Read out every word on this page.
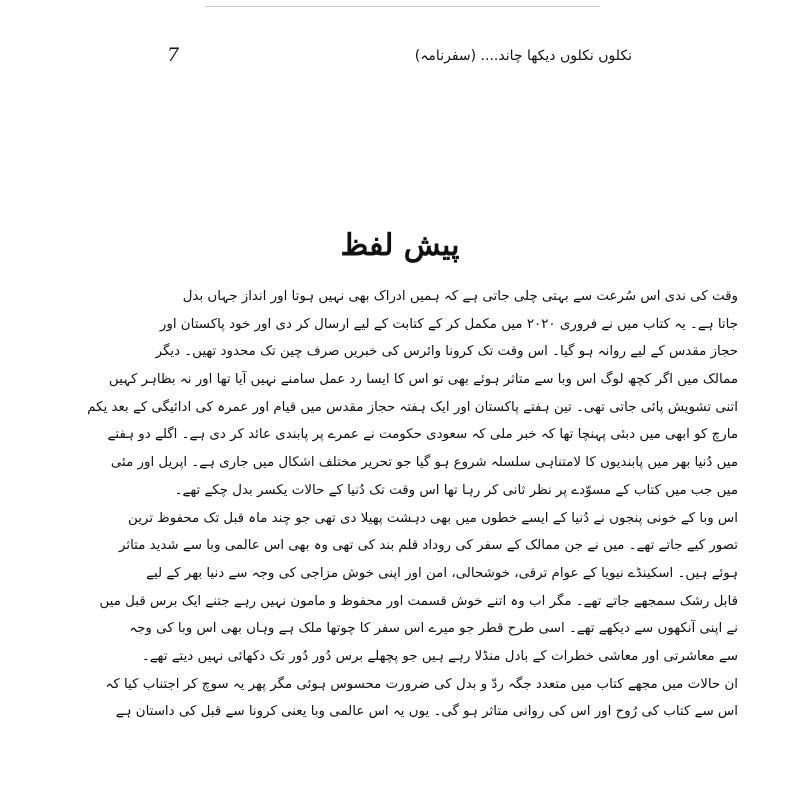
7	نکلوں نکلوں دیکھا چاند.... (سفرنامہ)
پیش لفظ
وقت کی ندی اس سُرعت سے بہتی چلی جاتی ہے کہ ہمیں ادراک بھی نہیں ہوتا اور انداز جہاں بدل
جاتا ہے۔ یہ کتاب میں نے فروری ۲۰۲۰ میں مکمل کر کے کتابت کے لیے ارسال کر دی اور خود پاکستان اور
حجاز مقدس کے لیے روانہ ہو گیا۔ اس وقت تک کرونا وائرس کی خبریں صرف چین تک محدود تھیں۔ دیگر
ممالک میں اگر کچھ لوگ اس وبا سے متاثر ہوئے بھی تو اس کا ایسا رد عمل سامنے نہیں آیا تھا اور نہ بظاہر کہیں
اتنی تشویش پائی جاتی تھی۔ تین ہفتے پاکستان اور ایک ہفتہ حجاز مقدس میں قیام اور عمرہ کی ادائیگی کے بعد یکم
مارچ کو ابھی میں دبئی پہنچا تھا کہ خبر ملی کہ سعودی حکومت نے عمرے پر پابندی عائد کر دی ہے۔ اگلے دو ہفتے
میں دُنیا بھر میں پابندیوں کا لامتناہی سلسلہ شروع ہو گیا جو تحریر مختلف اشکال میں جاری ہے۔ اپریل اور مئی
میں جب میں کتاب کے مسوّدے پر نظر ثانی کر رہا تھا اس وقت تک دُنیا کے حالات یکسر بدل چکے تھے۔
اس وبا کے خونی پنجوں نے دُنیا کے ایسے خطوں میں بھی دہشت پھیلا دی تھی جو چند ماہ قبل تک محفوظ ترین
تصور کیے جاتے تھے۔ میں نے جن ممالک کے سفر کی روداد قلم بند کی تھی وہ بھی اس عالمی وبا سے شدید متاثر
ہوئے ہیں۔ اسکینڈے نیویا کے عوام ترقی، خوشحالی، امن اور اپنی خوش مزاجی کی وجہ سے دنیا بھر کے لیے
قابل رشک سمجھے جاتے تھے۔ مگر اب وہ اتنے خوش قسمت اور محفوظ و مامون نہیں رہے جتنے ایک برس قبل میں
نے اپنی آنکھوں سے دیکھے تھے۔ اسی طرح قطر جو میرے اس سفر کا چوتھا ملک ہے وہاں بھی اس وبا کی وجہ
سے معاشرتی اور معاشی خطرات کے بادل منڈلا رہے ہیں جو پچھلے برس دُور دُور تک دکھائی نہیں دیتے تھے۔
ان حالات میں مجھے کتاب میں متعدد جگہ ردّ و بدل کی ضرورت محسوس ہوئی مگر پھر یہ سوچ کر اجتناب کیا کہ
اس سے کتاب کی رُوح اور اس کی روانی متاثر ہو گی۔ یوں یہ اس عالمی وبا یعنی کرونا سے قبل کی داستان ہے
